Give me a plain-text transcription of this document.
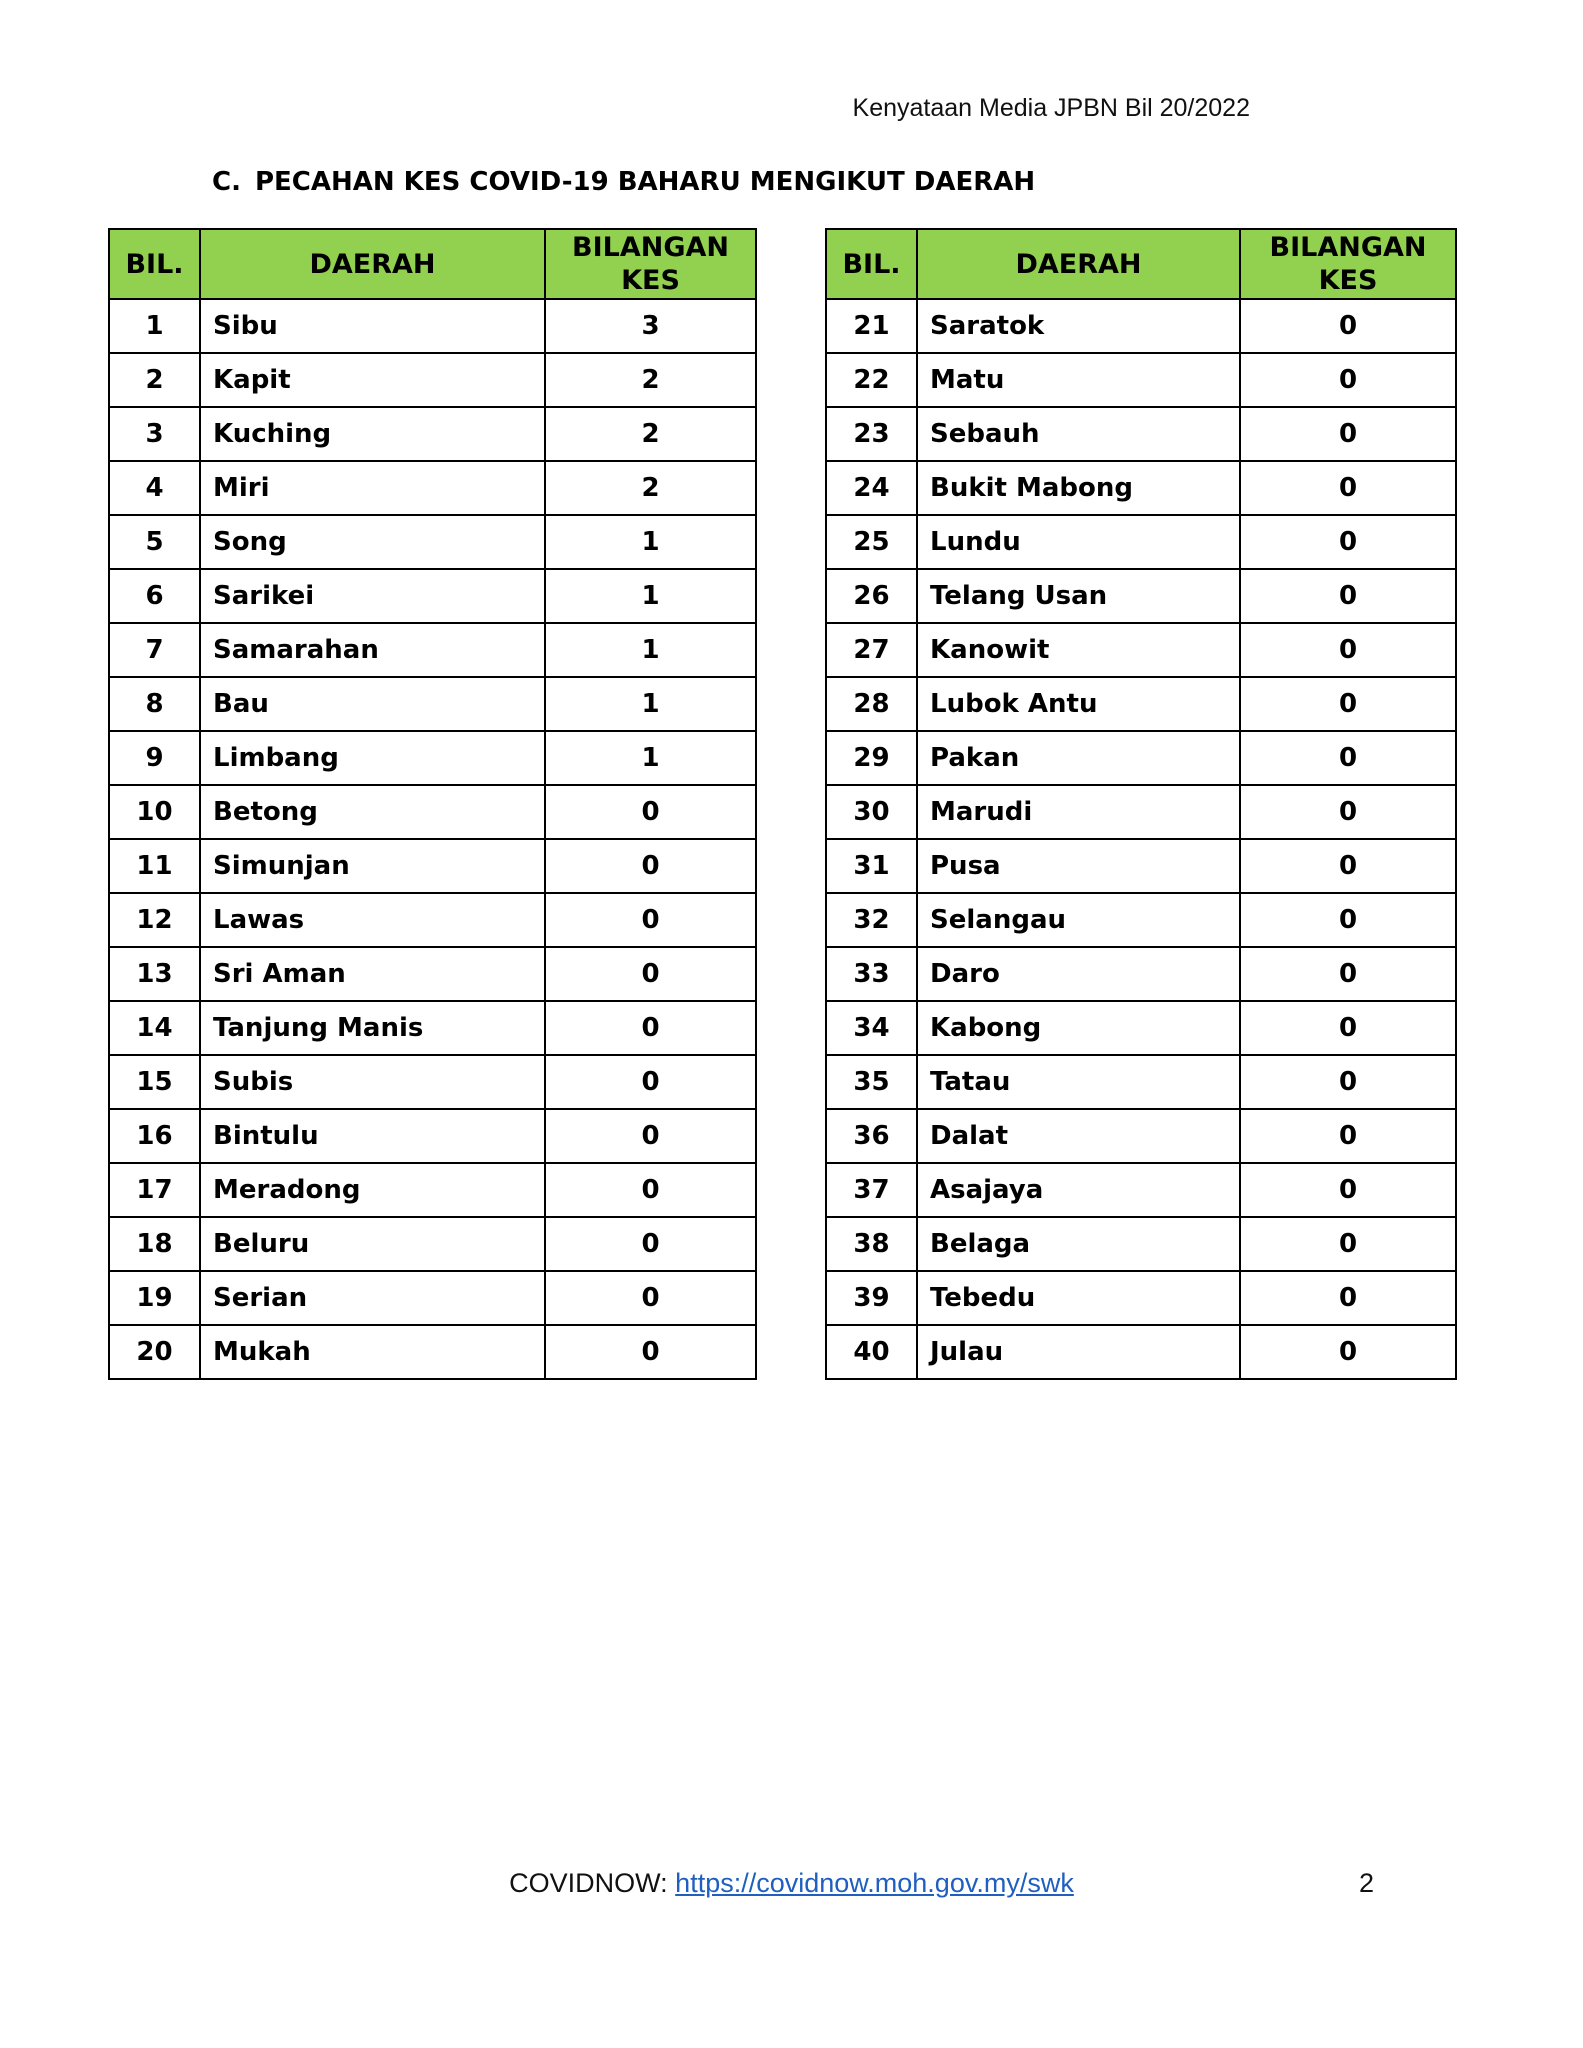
Kenyataan Media JPBN Bil 20/2022
C. PECAHAN KES COVID-19 BAHARU MENGIKUT DAERAH
BIL.	DAERAH	BILANGAN
KES
1	Sibu	3
2	Kapit	2
3	Kuching	2
4	Miri	2
5	Song	1
6	Sarikei	1
7	Samarahan	1
8	Bau	1
9	Limbang	1
10	Betong	0
11	Simunjan	0
12	Lawas	0
13	Sri Aman	0
14	Tanjung Manis	0
15	Subis	0
16	Bintulu	0
17	Meradong	0
18	Beluru	0
19	Serian	0
20	Mukah	0
BIL.	DAERAH	BILANGAN
KES
21	Saratok	0
22	Matu	0
23	Sebauh	0
24	Bukit Mabong	0
25	Lundu	0
26	Telang Usan	0
27	Kanowit	0
28	Lubok Antu	0
29	Pakan	0
30	Marudi	0
31	Pusa	0
32	Selangau	0
33	Daro	0
34	Kabong	0
35	Tatau	0
36	Dalat	0
37	Asajaya	0
38	Belaga	0
39	Tebedu	0
40	Julau	0
COVIDNOW: https://covidnow.moh.gov.my/swk	2
